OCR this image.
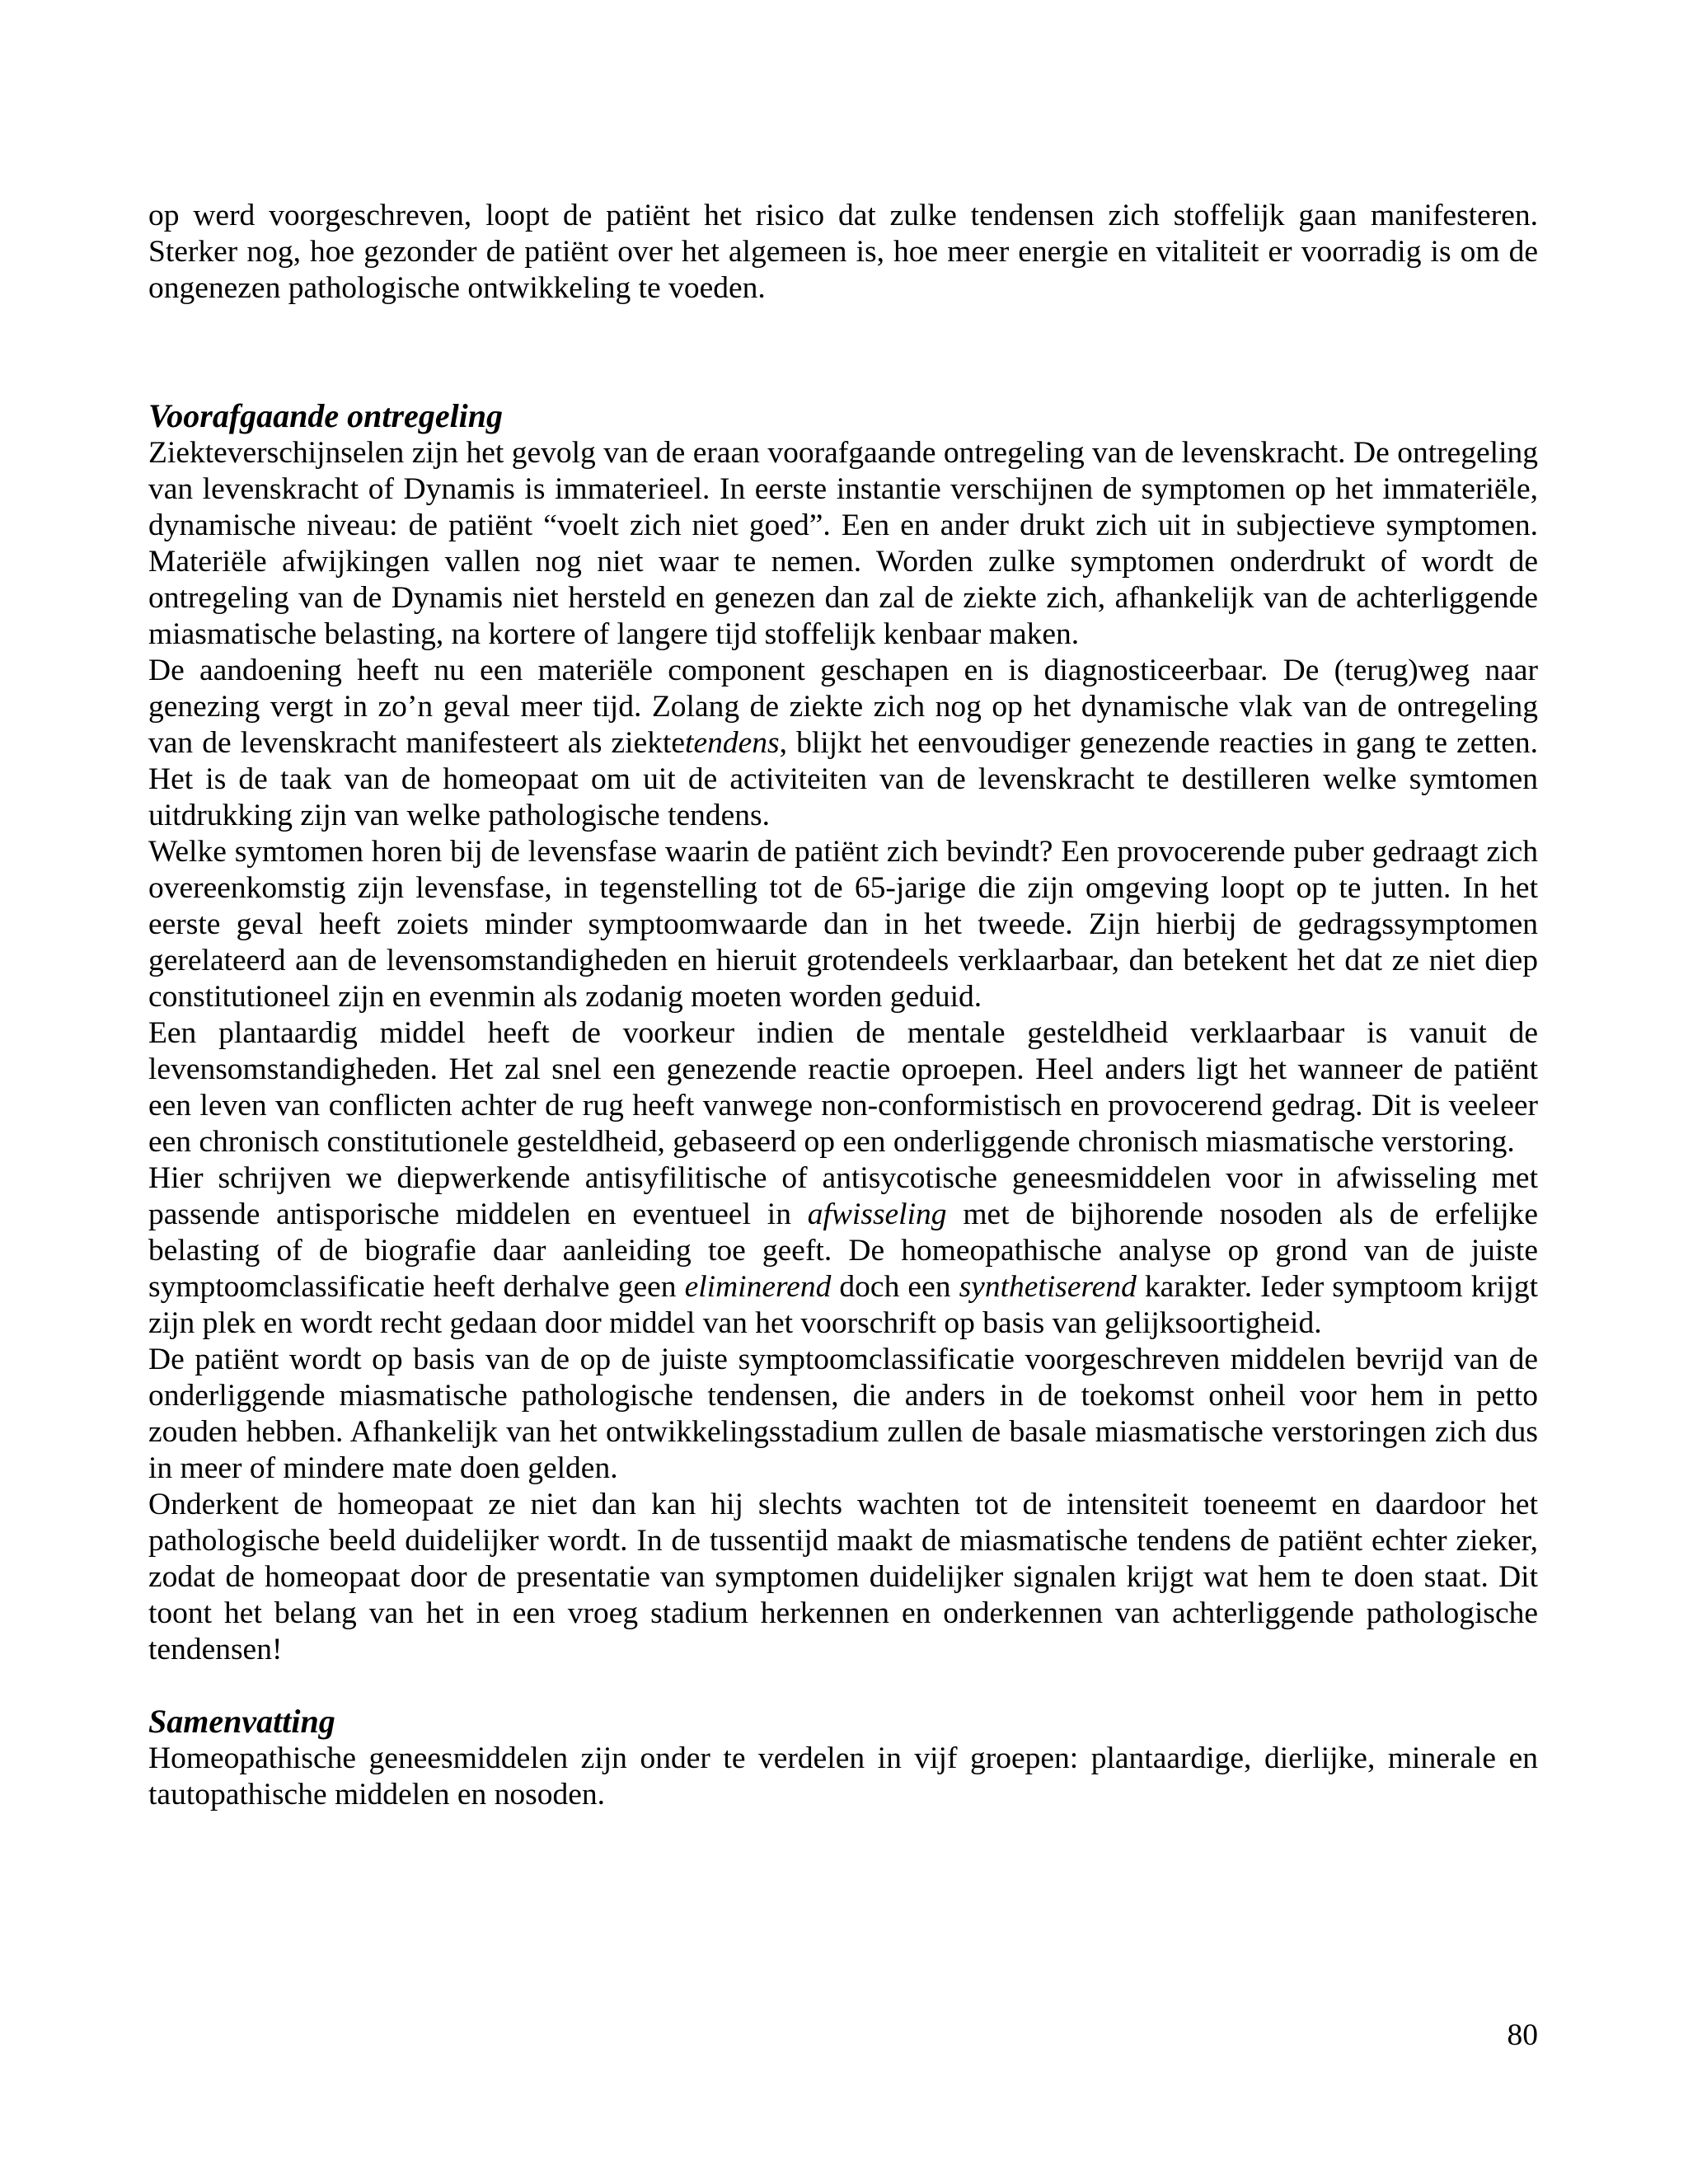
op werd voorgeschreven, loopt de patiënt het risico dat zulke tendensen zich stoffelijk gaan manifesteren. Sterker nog, hoe gezonder de patiënt over het algemeen is, hoe meer energie en vitaliteit er voorradig is om de ongenezen pathologische ontwikkeling te voeden.

Voorafgaande ontregeling

Ziekteverschijnselen zijn het gevolg van de eraan voorafgaande ontregeling van de levenskracht. De ontregeling van levenskracht of Dynamis is immaterieel. In eerste instantie verschijnen de symptomen op het immateriële, dynamische niveau: de patiënt “voelt zich niet goed”. Een en ander drukt zich uit in subjectieve symptomen. Materiële afwijkingen vallen nog niet waar te nemen. Worden zulke symptomen onderdrukt of wordt de ontregeling van de Dynamis niet hersteld en genezen dan zal de ziekte zich, afhankelijk van de achterliggende miasmatische belasting, na kortere of langere tijd stoffelijk kenbaar maken.

De aandoening heeft nu een materiële component geschapen en is diagnosticeerbaar. De (terug)weg naar genezing vergt in zo’n geval meer tijd. Zolang de ziekte zich nog op het dynamische vlak van de ontregeling van de levenskracht manifesteert als ziektetendens, blijkt het eenvoudiger genezende reacties in gang te zetten. Het is de taak van de homeopaat om uit de activiteiten van de levenskracht te destilleren welke symtomen uitdrukking zijn van welke pathologische tendens.

Welke symtomen horen bij de levensfase waarin de patiënt zich bevindt? Een provocerende puber gedraagt zich overeenkomstig zijn levensfase, in tegenstelling tot de 65-jarige die zijn omgeving loopt op te jutten. In het eerste geval heeft zoiets minder symptoomwaarde dan in het tweede. Zijn hierbij de gedragssymptomen gerelateerd aan de levensomstandigheden en hieruit grotendeels verklaarbaar, dan betekent het dat ze niet diep constitutioneel zijn en evenmin als zodanig moeten worden geduid.

Een plantaardig middel heeft de voorkeur indien de mentale gesteldheid verklaarbaar is vanuit de levensomstandigheden. Het zal snel een genezende reactie oproepen. Heel anders ligt het wanneer de patiënt een leven van conflicten achter de rug heeft vanwege non-conformistisch en provocerend gedrag. Dit is veeleer een chronisch constitutionele gesteldheid, gebaseerd op een onderliggende chronisch miasmatische verstoring.

Hier schrijven we diepwerkende antisyfilitische of antisycotische geneesmiddelen voor in afwisseling met passende antisporische middelen en eventueel in afwisseling met de bijhorende nosoden als de erfelijke belasting of de biografie daar aanleiding toe geeft. De homeopathische analyse op grond van de juiste symptoomclassificatie heeft derhalve geen eliminerend doch een synthetiserend karakter. Ieder symptoom krijgt zijn plek en wordt recht gedaan door middel van het voorschrift op basis van gelijksoortigheid.

De patiënt wordt op basis van de op de juiste symptoomclassificatie voorgeschreven middelen bevrijd van de onderliggende miasmatische pathologische tendensen, die anders in de toekomst onheil voor hem in petto zouden hebben. Afhankelijk van het ontwikkelingsstadium zullen de basale miasmatische verstoringen zich dus in meer of mindere mate doen gelden.

Onderkent de homeopaat ze niet dan kan hij slechts wachten tot de intensiteit toeneemt en daardoor het pathologische beeld duidelijker wordt. In de tussentijd maakt de miasmatische tendens de patiënt echter zieker, zodat de homeopaat door de presentatie van symptomen duidelijker signalen krijgt wat hem te doen staat. Dit toont het belang van het in een vroeg stadium herkennen en onderkennen van achterliggende pathologische tendensen!

Samenvatting

Homeopathische geneesmiddelen zijn onder te verdelen in vijf groepen: plantaardige, dierlijke, minerale en tautopathische middelen en nosoden.

80
